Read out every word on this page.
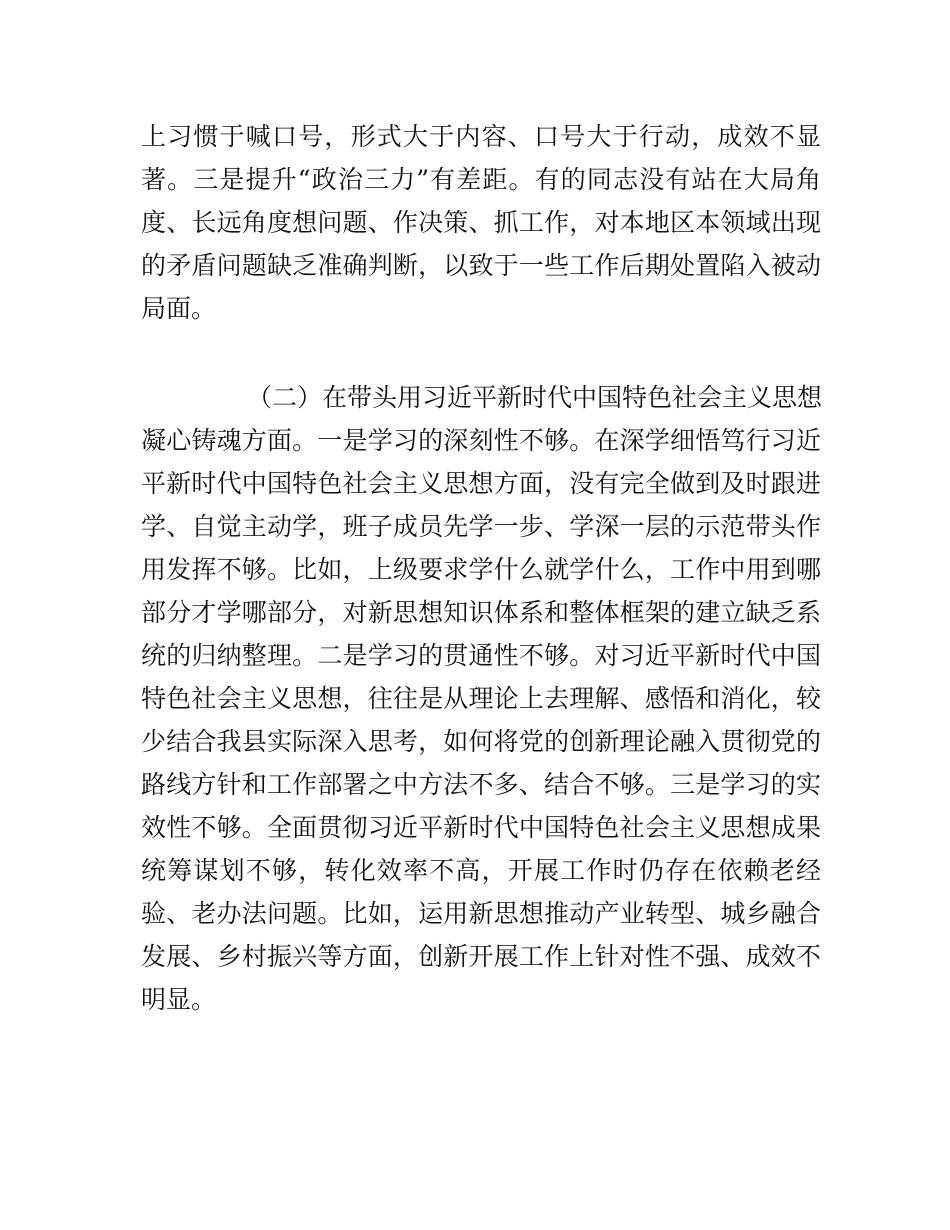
上习惯于喊口号，形式大于内容、口号大于行动，成效不显
著。三是提升“政治三力”有差距。有的同志没有站在大局角
度、长远角度想问题、作决策、抓工作，对本地区本领域出现
的矛盾问题缺乏准确判断，以致于一些工作后期处置陷入被动
局面。
（二）在带头用习近平新时代中国特色社会主义思想
凝心铸魂方面。一是学习的深刻性不够。在深学细悟笃行习近
平新时代中国特色社会主义思想方面，没有完全做到及时跟进
学、自觉主动学，班子成员先学一步、学深一层的示范带头作
用发挥不够。比如，上级要求学什么就学什么，工作中用到哪
部分才学哪部分，对新思想知识体系和整体框架的建立缺乏系
统的归纳整理。二是学习的贯通性不够。对习近平新时代中国
特色社会主义思想，往往是从理论上去理解、感悟和消化，较
少结合我县实际深入思考，如何将党的创新理论融入贯彻党的
路线方针和工作部署之中方法不多、结合不够。三是学习的实
效性不够。全面贯彻习近平新时代中国特色社会主义思想成果
统筹谋划不够，转化效率不高，开展工作时仍存在依赖老经
验、老办法问题。比如，运用新思想推动产业转型、城乡融合
发展、乡村振兴等方面，创新开展工作上针对性不强、成效不
明显。
